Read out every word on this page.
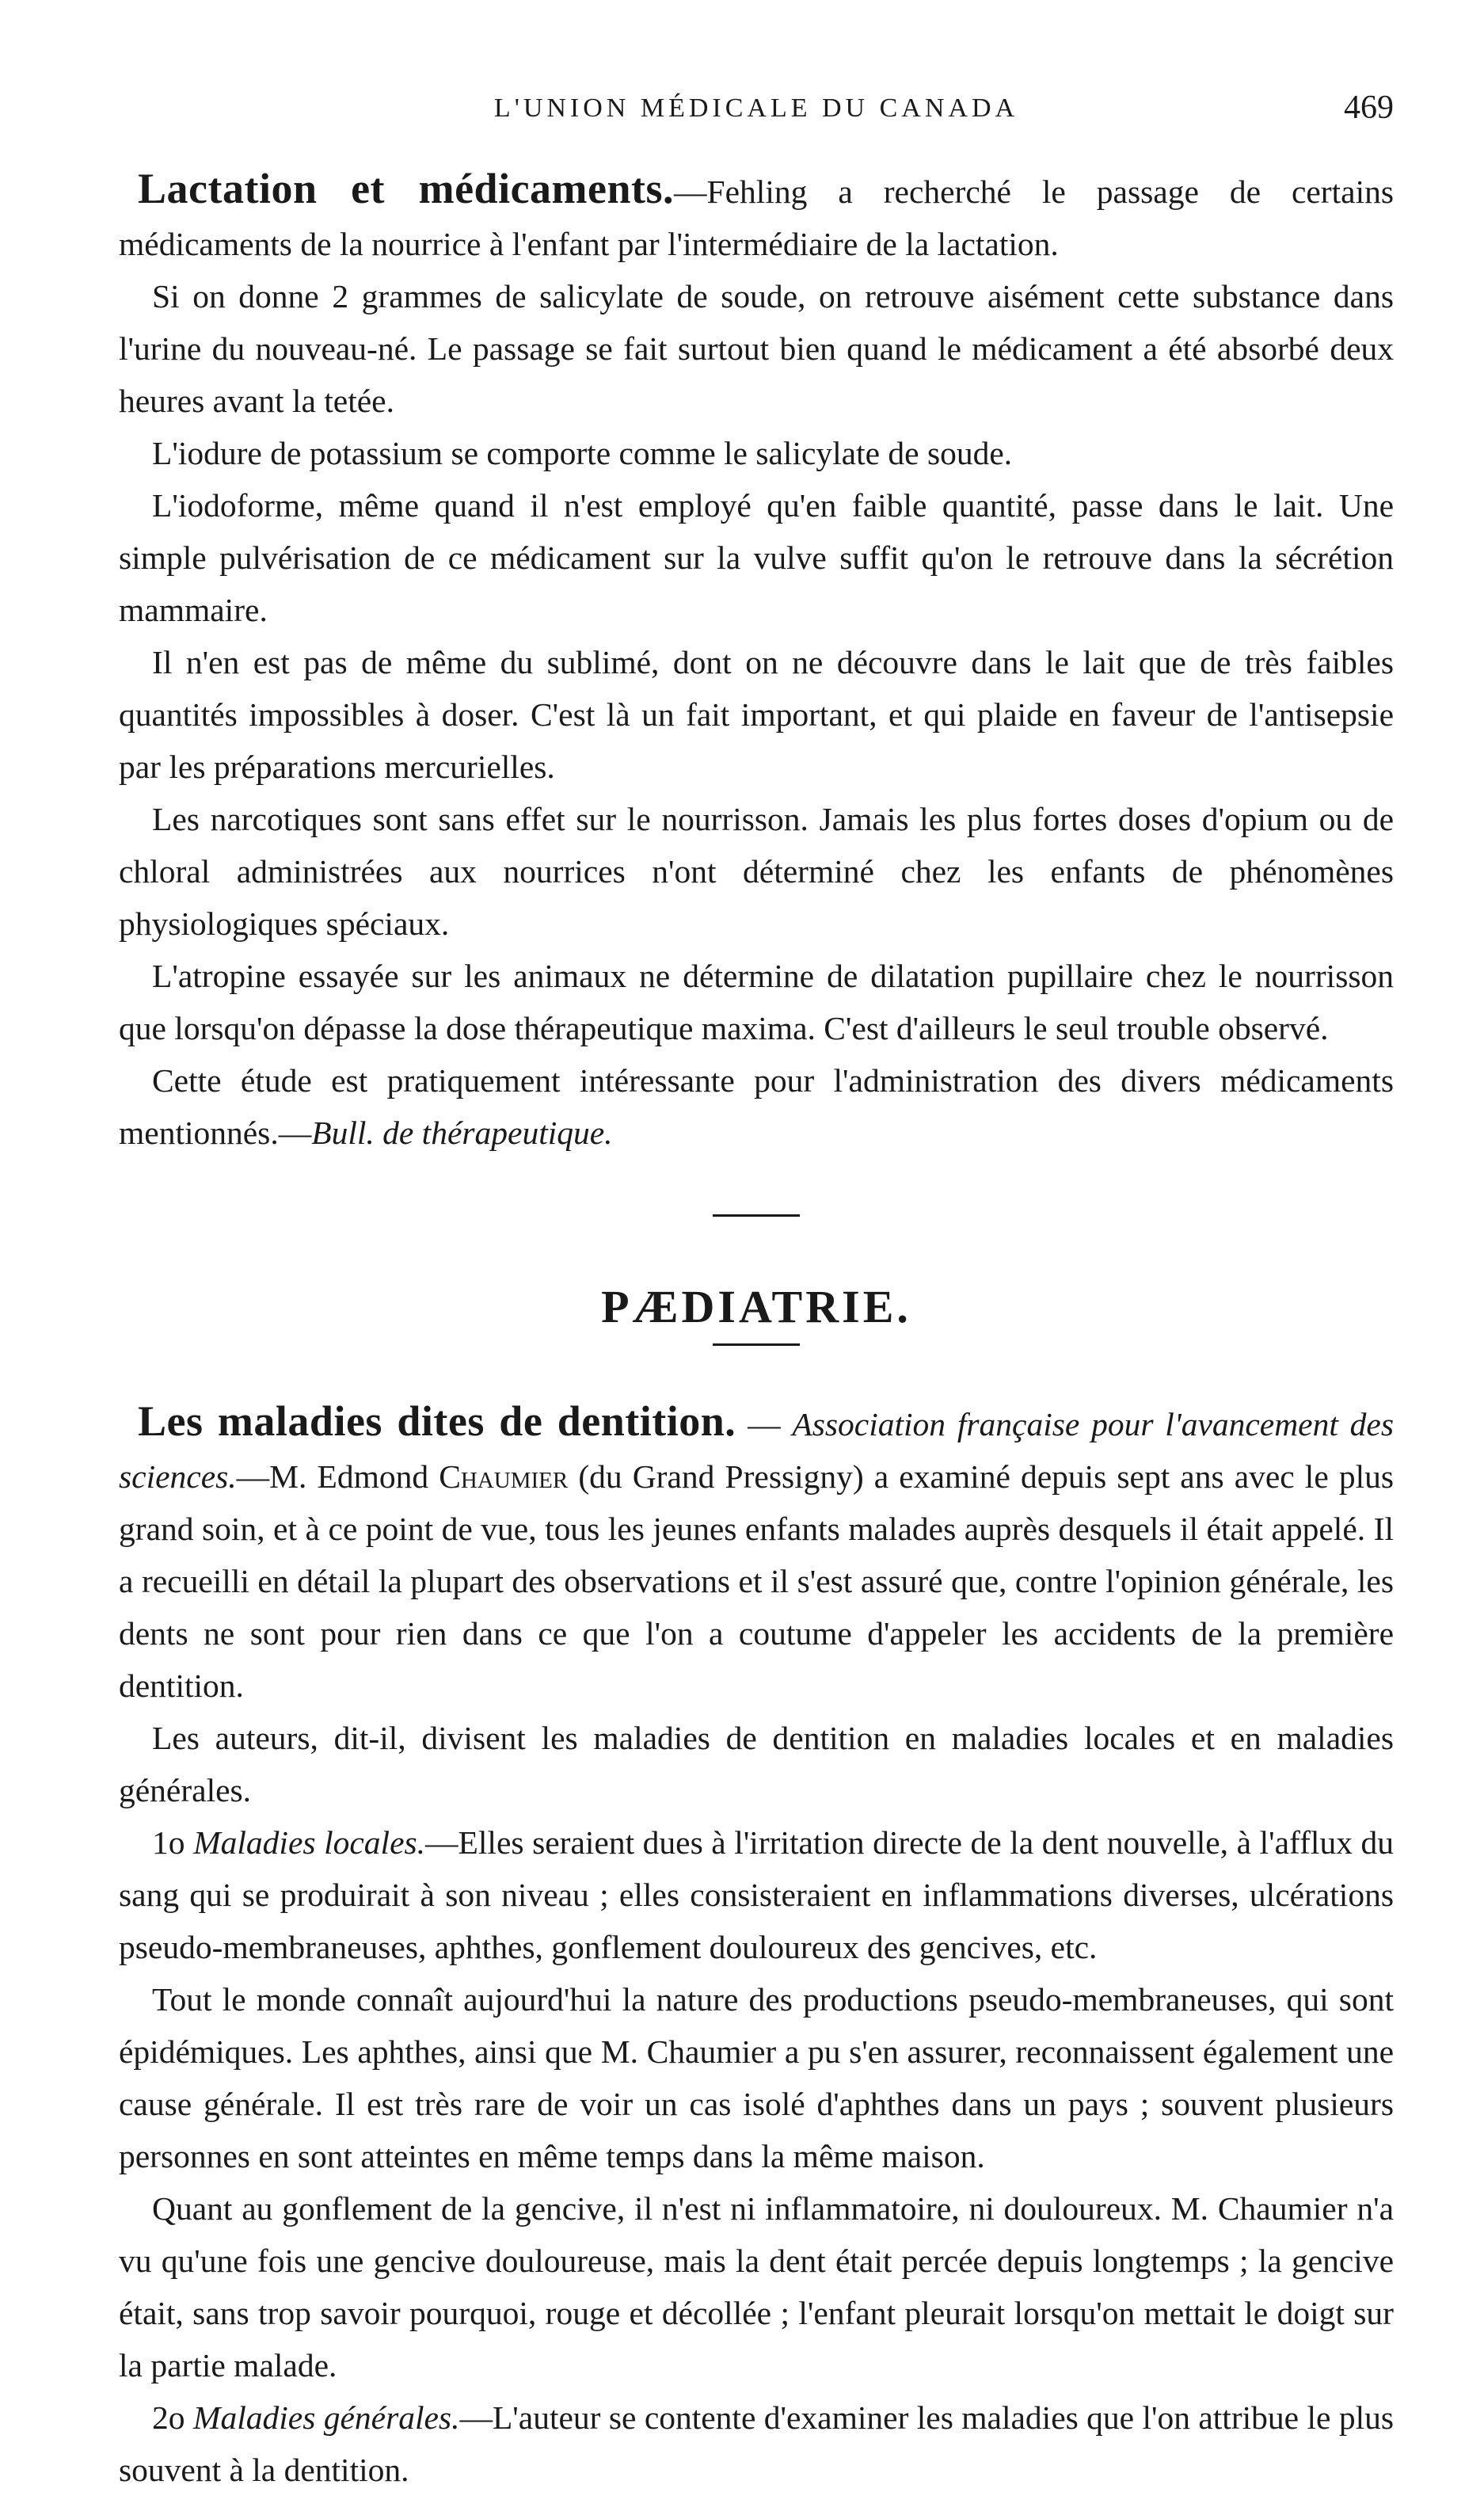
L'UNION MÉDICALE DU CANADA	469

Lactation et médicaments.—Fehling a recherché le passage de certains médicaments de la nourrice à l'enfant par l'intermédiaire de la lactation.

Si on donne 2 grammes de salicylate de soude, on retrouve aisément cette substance dans l'urine du nouveau-né. Le passage se fait surtout bien quand le médicament a été absorbé deux heures avant la tetée.

L'iodure de potassium se comporte comme le salicylate de soude.

L'iodoforme, même quand il n'est employé qu'en faible quantité, passe dans le lait. Une simple pulvérisation de ce médicament sur la vulve suffit qu'on le retrouve dans la sécrétion mammaire.

Il n'en est pas de même du sublimé, dont on ne découvre dans le lait que de très faibles quantités impossibles à doser. C'est là un fait important, et qui plaide en faveur de l'antisepsie par les préparations mercurielles.

Les narcotiques sont sans effet sur le nourrisson. Jamais les plus fortes doses d'opium ou de chloral administrées aux nourrices n'ont déterminé chez les enfants de phénomènes physiologiques spéciaux.

L'atropine essayée sur les animaux ne détermine de dilatation pupillaire chez le nourrisson que lorsqu'on dépasse la dose thérapeutique maxima. C'est d'ailleurs le seul trouble observé.

Cette étude est pratiquement intéressante pour l'administration des divers médicaments mentionnés.—Bull. de thérapeutique.

PÆDIATRIE.

Les maladies dites de dentition. — Association française pour l'avancement des sciences.—M. Edmond Chaumier (du Grand Pressigny) a examiné depuis sept ans avec le plus grand soin, et à ce point de vue, tous les jeunes enfants malades auprès desquels il était appelé. Il a recueilli en détail la plupart des observations et il s'est assuré que, contre l'opinion générale, les dents ne sont pour rien dans ce que l'on a coutume d'appeler les accidents de la première dentition.

Les auteurs, dit-il, divisent les maladies de dentition en maladies locales et en maladies générales.

1o Maladies locales.—Elles seraient dues à l'irritation directe de la dent nouvelle, à l'afflux du sang qui se produirait à son niveau ; elles consisteraient en inflammations diverses, ulcérations pseudo-membraneuses, aphthes, gonflement douloureux des gencives, etc.

Tout le monde connaît aujourd'hui la nature des productions pseudo-membraneuses, qui sont épidémiques. Les aphthes, ainsi que M. Chaumier a pu s'en assurer, reconnaissent également une cause générale. Il est très rare de voir un cas isolé d'aphthes dans un pays ; souvent plusieurs personnes en sont atteintes en même temps dans la même maison.

Quant au gonflement de la gencive, il n'est ni inflammatoire, ni douloureux. M. Chaumier n'a vu qu'une fois une gencive douloureuse, mais la dent était percée depuis longtemps ; la gencive était, sans trop savoir pourquoi, rouge et décollée ; l'enfant pleurait lorsqu'on mettait le doigt sur la partie malade.

2o Maladies générales.—L'auteur se contente d'examiner les maladies que l'on attribue le plus souvent à la dentition.
